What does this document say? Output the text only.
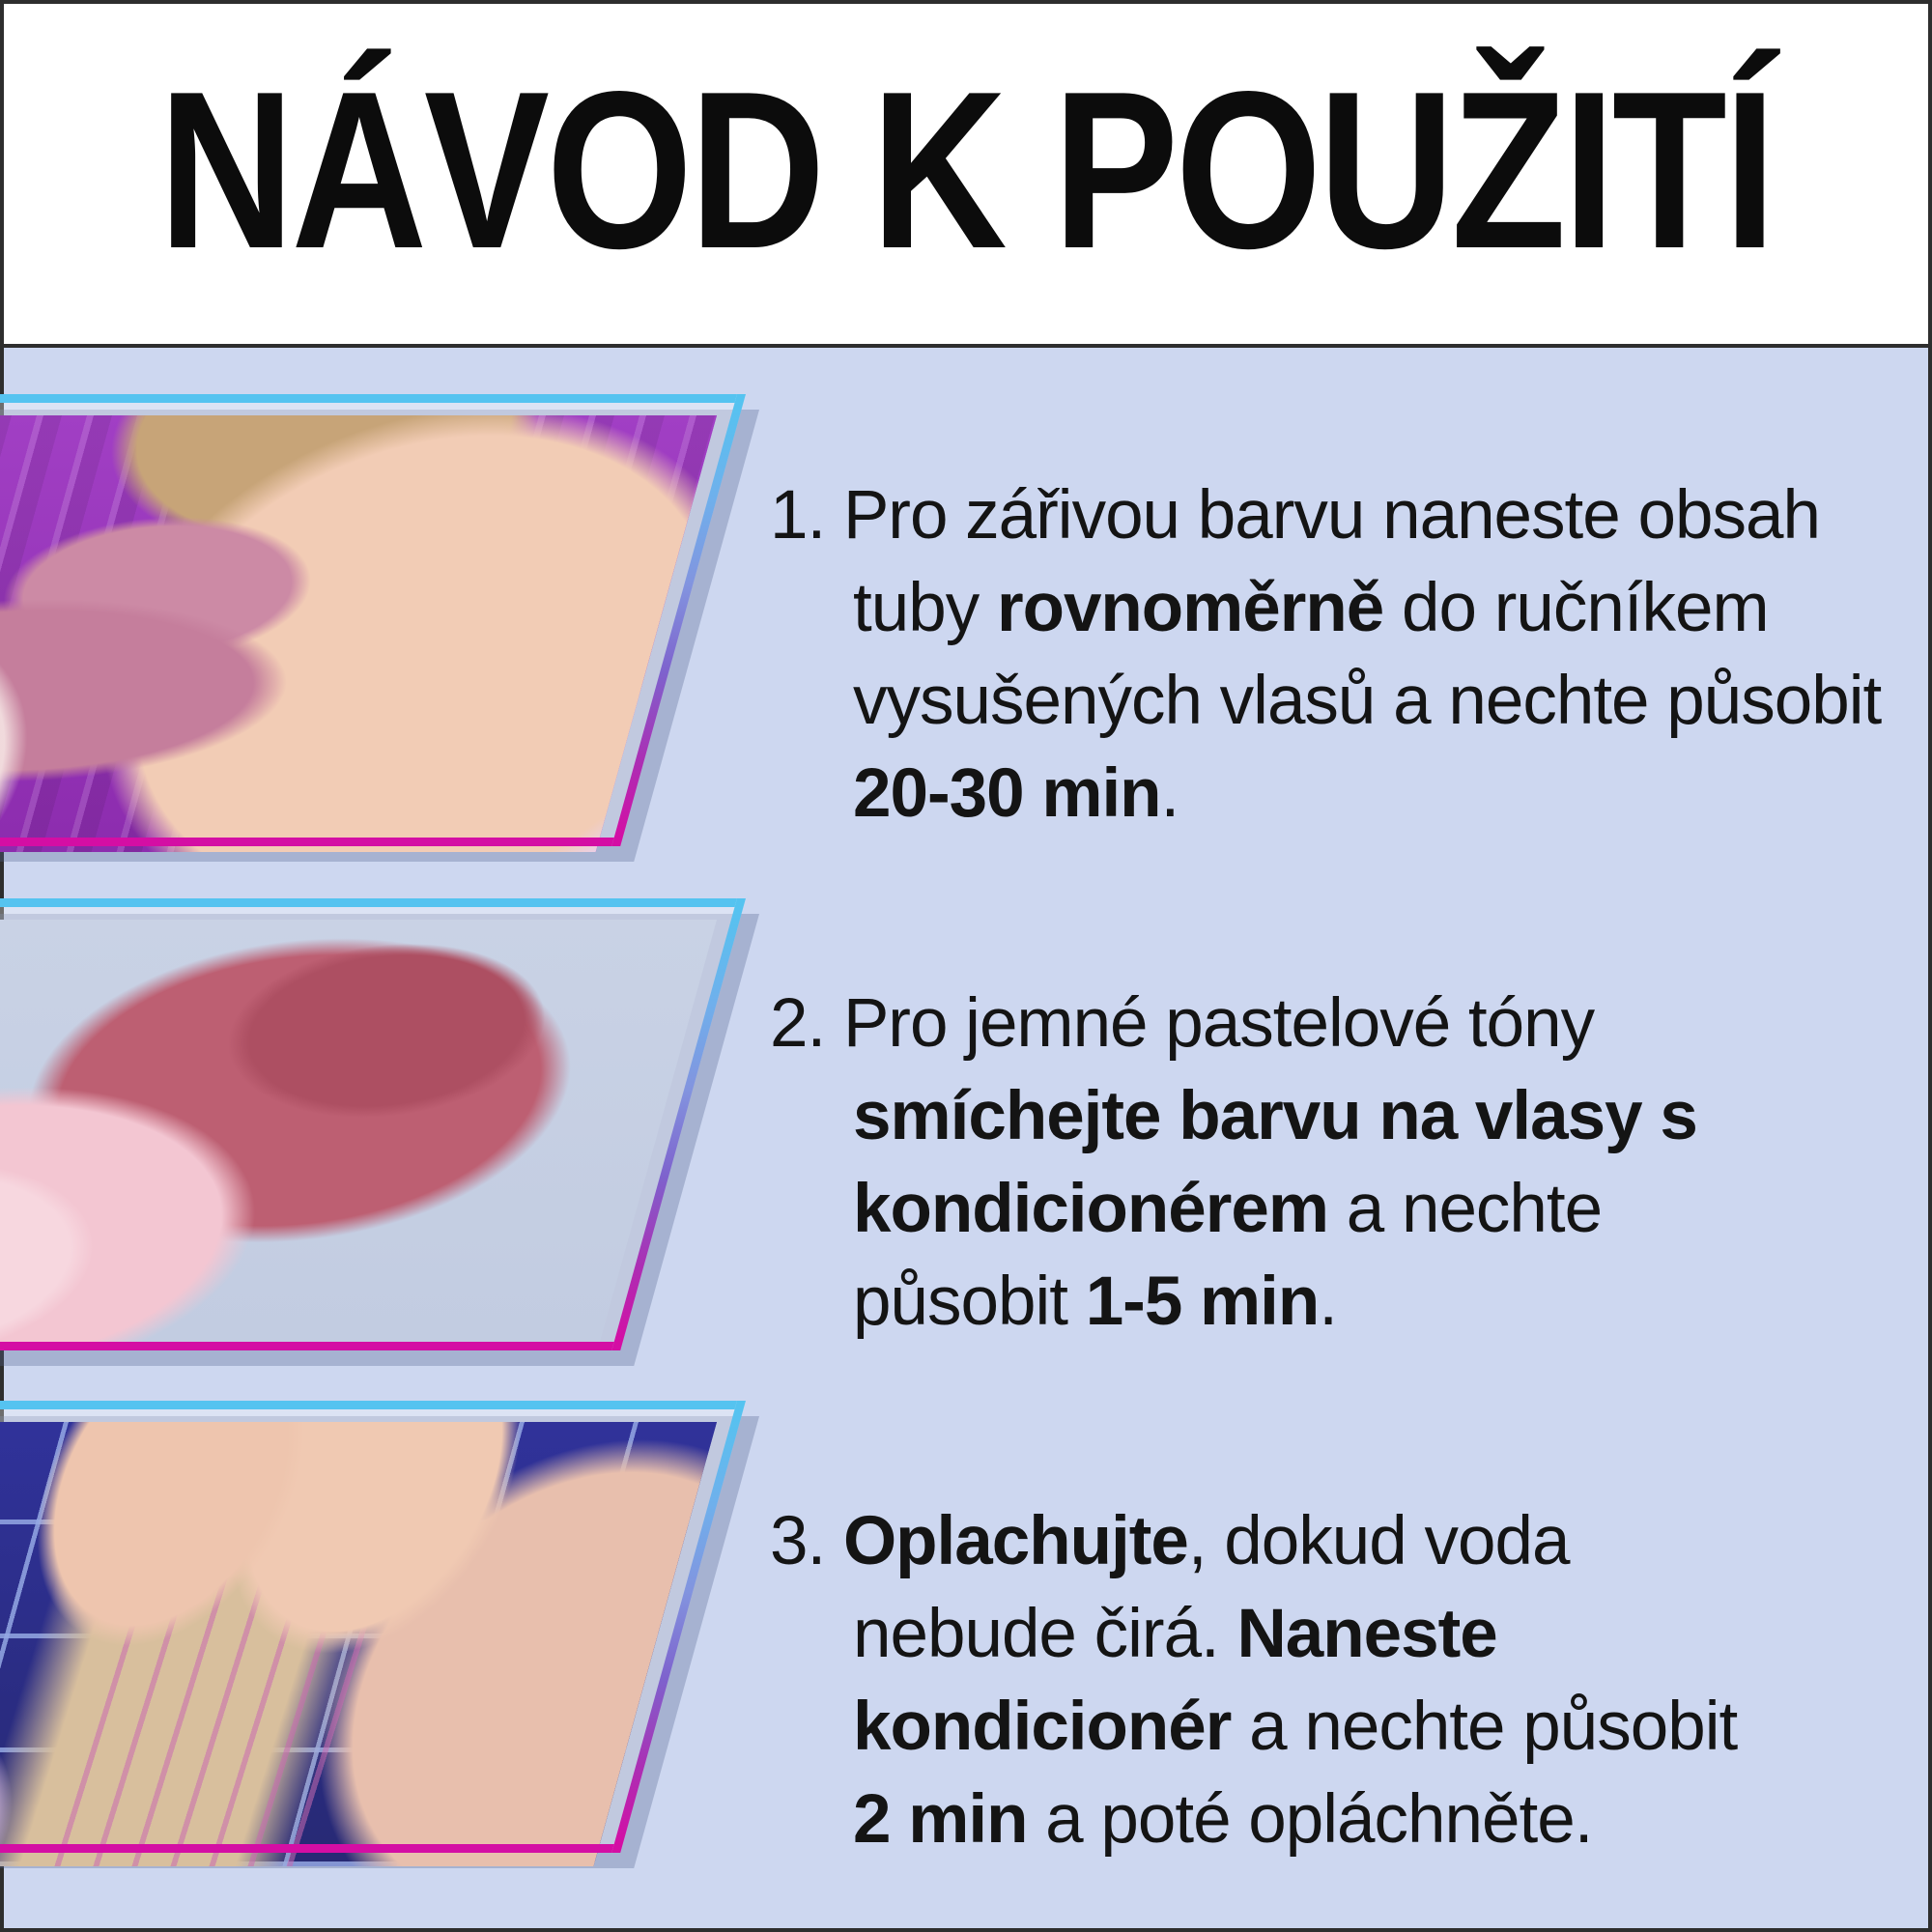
NÁVOD K POUŽITÍ
1. Pro zářivou barvu naneste obsah
tuby rovnoměrně do ručníkem
vysušených vlasů a nechte působit
20-30 min.
2. Pro jemné pastelové tóny
smíchejte barvu na vlasy s
kondicionérem a nechte
působit 1-5 min.
3. Oplachujte, dokud voda
nebude čirá. Naneste
kondicionér a nechte působit
2 min a poté opláchněte.
